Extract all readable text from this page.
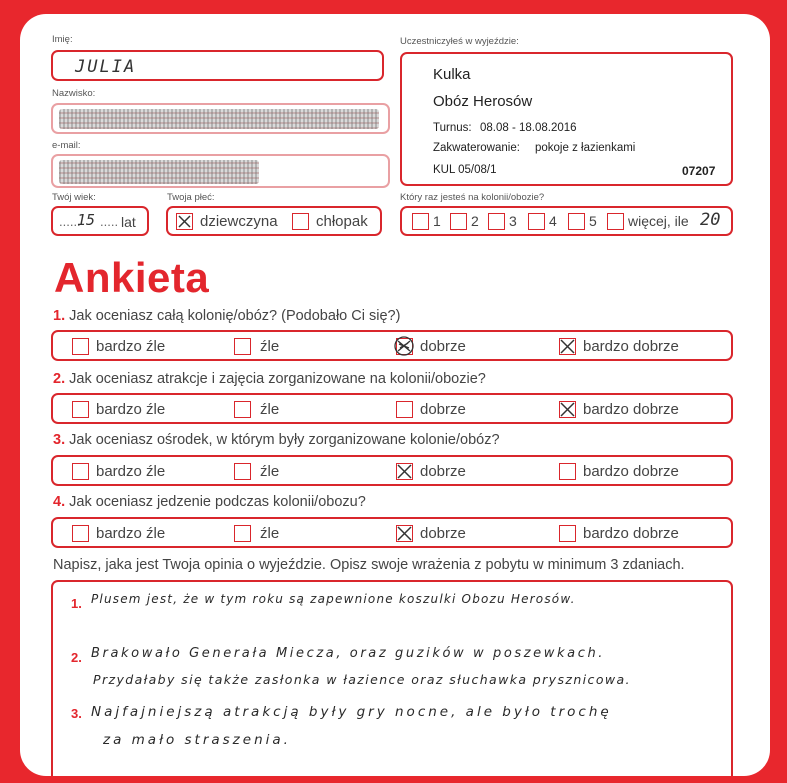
Imię:
JULIA
Nazwisko:
e-mail:
Uczestniczyłeś w wyjeździe:
Kulka
Obóz Herosów
Turnus: 08.08 - 18.08.2016
Zakwaterowanie: pokoje z łazienkami
KUL 05/08/1	07207
Twój wiek:
......
15 ..... lat
Twoja płeć:
dziewczyna	chłopak
Który raz jesteś na kolonii/obozie?
1 2 3 4 5 więcej, ile 20
Ankieta
1. Jak oceniasz całą kolonię/obóz? (Podobało Ci się?)
bardzo źle	źle	dobrze	bardzo dobrze
2. Jak oceniasz atrakcje i zajęcia zorganizowane na kolonii/obozie?
bardzo źle	źle	dobrze	bardzo dobrze
3. Jak oceniasz ośrodek, w którym były zorganizowane kolonie/obóz?
bardzo źle	źle	dobrze	bardzo dobrze
4. Jak oceniasz jedzenie podczas kolonii/obozu?
bardzo źle	źle	dobrze	bardzo dobrze
Napisz, jaka jest Twoja opinia o wyjeździe. Opisz swoje wrażenia z pobytu w minimum 3 zdaniach.
1. Plusem jest, że w tym roku są zapewnione koszulki Obozu Herosów.
2. Brakowało Generała Miecza, oraz guzików w poszewkach.
Przydałaby się także zasłonka w łazience oraz słuchawka prysznicowa.
3. Najfajniejszą atrakcją były gry nocne, ale było trochę
za mało straszenia.
